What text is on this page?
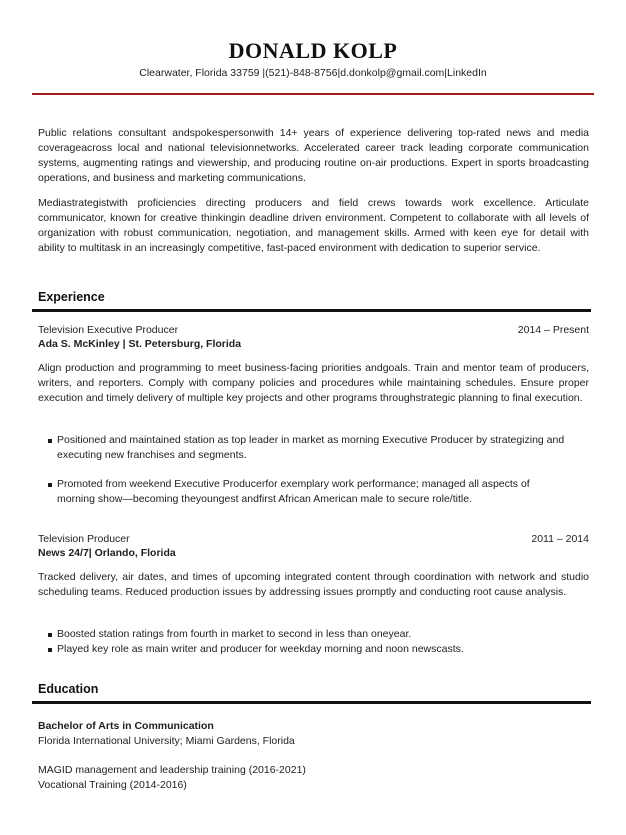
DONALD KOLP
Clearwater, Florida 33759 |(521)-848-8756|d.donkolp@gmail.com|LinkedIn

Public relations consultant andspokespersonwith 14+ years of experience delivering top-rated news and media coverageacross local and national televisionnetworks. Accelerated career track leading corporate communication systems, augmenting ratings and viewership, and producing routine on-air productions. Expert in sports broadcasting operations, and business and marketing communications.

Mediastrategistwith proficiencies directing producers and field crews towards work excellence. Articulate communicator, known for creative thinkingin deadline driven environment. Competent to collaborate with all levels of organization with robust communication, negotiation, and management skills. Armed with keen eye for detail with ability to multitask in an increasingly competitive, fast-paced environment with dedication to superior service.

Experience
Television Executive Producer	2014 – Present
Ada S. McKinley | St. Petersburg, Florida

Align production and programming to meet business-facing priorities andgoals. Train and mentor team of producers, writers, and reporters. Comply with company policies and procedures while maintaining schedules. Ensure proper execution and timely delivery of multiple key projects and other programs throughstrategic planning to final execution.

Positioned and maintained station as top leader in market as morning Executive Producer by strategizing and executing new franchises and segments.
Promoted from weekend Executive Producerfor exemplary work performance; managed all aspects of morning show—becoming theyoungest andfirst African American male to secure role/title.
Television Producer	2011 – 2014
News 24/7| Orlando, Florida

Tracked delivery, air dates, and times of upcoming integrated content through coordination with network and studio scheduling teams. Reduced production issues by addressing issues promptly and conducting root cause analysis.

Boosted station ratings from fourth in market to second in less than oneyear.
Played key role as main writer and producer for weekday morning and noon newscasts.
Education
Bachelor of Arts in Communication
Florida International University; Miami Gardens, Florida
MAGID management and leadership training (2016-2021)
Vocational Training (2014-2016)
